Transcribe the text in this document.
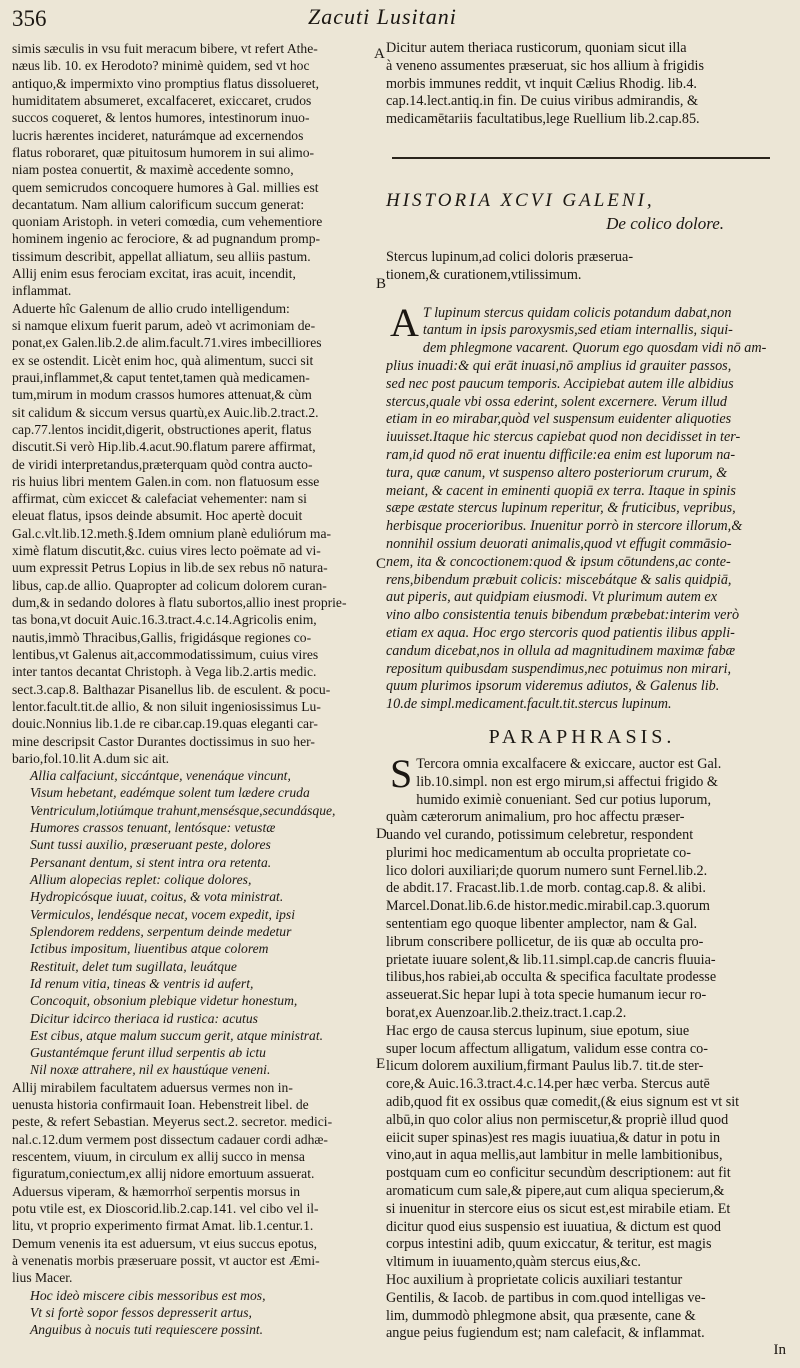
356	Zacuti Lusitani
A
B
C
D
E
simis sæculis in vsu fuit meracum bibere, vt refert Athe-
næus lib. 10. ex Herodoto? minimè quidem, sed vt hoc
antiquo,& impermixto vino promptius flatus dissolueret,
humiditatem absumeret, excalfaceret, exiccaret, crudos
succos coqueret, & lentos humores, intestinorum inuo-
lucris hærentes incideret, naturámque ad excernendos
flatus roboraret, quæ pituitosum humorem in sui alimo-
niam postea conuertit, & maximè accedente somno,
quem semicrudos concoquere humores à Gal. millies est
decantatum. Nam allium calorificum succum generat:
quoniam Aristoph. in veteri comœdia, cum vehementiore
hominem ingenio ac ferociore, & ad pugnandum promp-
tissimum describit, appellat alliatum, seu alliis pastum.
Allij enim esus ferociam excitat, iras acuit, incendit,
inflammat.
Aduerte hîc Galenum de allio crudo intelligendum:
si namque elixum fuerit parum, adeò vt acrimoniam de-
ponat,ex Galen.lib.2.de alim.facult.71.vires imbecilliores
ex se ostendit. Licèt enim hoc, quà alimentum, succi sit
praui,inflammet,& caput tentet,tamen quà medicamen-
tum,mirum in modum crassos humores attenuat,& cùm
sit calidum & siccum versus quartù,ex Auic.lib.2.tract.2.
cap.77.lentos incidit,digerit, obstructiones aperit, flatus
discutit.Si verò Hip.lib.4.acut.90.flatum parere affirmat,
de viridi interpretandus,præterquam quòd contra aucto-
ris huius libri mentem Galen.in com. non flatuosum esse
affirmat, cùm exiccet & calefaciat vehementer: nam si
eleuat flatus, ipsos deinde absumit. Hoc apertè docuit
Gal.c.vlt.lib.12.meth.§.Idem omnium planè eduliórum ma-
ximè flatum discutit,&c. cuius vires lecto poëmate ad vi-
uum expressit Petrus Lopius in lib.de sex rebus nō natura-
libus, cap.de allio. Quapropter ad colicum dolorem curan-
dum,& in sedando dolores à flatu subortos,allio inest proprie-
tas bona,vt docuit Auic.16.3.tract.4.c.14.Agricolis enim,
nautis,immò Thracibus,Gallis, frigidásque regiones co-
lentibus,vt Galenus ait,accommodatissimum, cuius vires
inter tantos decantat Christoph. à Vega lib.2.artis medic.
sect.3.cap.8. Balthazar Pisanellus lib. de esculent. & pocu-
lentor.facult.tit.de allio, & non siluit ingeniosissimus Lu-
douic.Nonnius lib.1.de re cibar.cap.19.quas eleganti car-
mine descripsit Castor Durantes doctissimus in suo her-
bario,fol.10.lit A.dum sic ait.
Allia calfaciunt, siccántque, venenáque vincunt,
Visum hebetant, eadémque solent tum lædere cruda
Ventriculum,lotiúmque trahunt,mensésque,secundásque,
Humores crassos tenuant, lentósque: vetustæ
Sunt tussi auxilio, præseruant peste, dolores
Persanant dentum, si stent intra ora retenta.
Allium alopecias replet: colique dolores,
Hydropicósque iuuat, coitus, & vota ministrat.
Vermiculos, lendésque necat, vocem expedit, ipsi
Splendorem reddens, serpentum deinde medetur
Ictibus impositum, liuentibus atque colorem
Restituit, delet tum sugillata, leuátque
Id renum vitia, tineas & ventris id aufert,
Concoquit, obsonium plebique videtur honestum,
Dicitur idcirco theriaca id rustica: acutus
Est cibus, atque malum succum gerit, atque ministrat.
Gustantémque ferunt illud serpentis ab ictu
Nil noxæ attrahere, nil ex haustúque veneni.
Allij mirabilem facultatem aduersus vermes non in-
uenusta historia confirmauit Ioan. Hebenstreit libel. de
peste, & refert Sebastian. Meyerus sect.2. secretor. medici-
nal.c.12.dum vermem post dissectum cadauer cordi adhæ-
rescentem, viuum, in circulum ex allij succo in mensa
figuratum,coniectum,ex allij nidore emortuum assuerat.
Aduersus viperam, & hæmorrhoï serpentis morsus in
potu vtile est, ex Dioscorid.lib.2.cap.141. vel cibo vel il-
litu, vt proprio experimento firmat Amat. lib.1.centur.1.
Demum venenis ita est aduersum, vt eius succus epotus,
à venenatis morbis præseruare possit, vt auctor est Æmi-
lius Macer.
Hoc ideò miscere cibis messoribus est mos,
Vt si fortè sopor fessos depresserit artus,
Anguibus à nocuis tuti requiescere possint.
Dicitur autem theriaca rusticorum, quoniam sicut illa
à veneno assumentes præseruat, sic hos allium à frigidis
morbis immunes reddit, vt inquit Cælius Rhodig. lib.4.
cap.14.lect.antiq.in fin. De cuius viribus admirandis, &
medicamētariis facultatibus,lege Ruellium lib.2.cap.85.
HISTORIA XCVI GALENI,
De colico dolore.
Stercus lupinum,ad colici doloris præserua-
tionem,& curationem,vtilissimum.
A T lupinum stercus quidam colicis potandum dabat,non
tantum in ipsis paroxysmis,sed etiam internallis, siqui-
dem phlegmone vacarent. Quorum ego quosdam vidi nō am-
plius inuadi:& qui erāt inuasi,nō amplius id grauiter passos,
sed nec post paucum temporis. Accipiebat autem ille albidius
stercus,quale vbi ossa ederint, solent excernere. Verum illud
etiam in eo mirabar,quòd vel suspensum euidenter aliquoties
iuuisset.Itaque hic stercus capiebat quod non decidisset in ter-
ram,id quod nō erat inuentu difficile:ea enim est luporum na-
tura, quæ canum, vt suspenso altero posteriorum crurum, &
meiant, & cacent in eminenti quopiā ex terra. Itaque in spinis
sæpe æstate stercus lupinum reperitur, & fruticibus, vepribus,
herbisque procerioribus. Inuenitur porrò in stercore illorum,&
nonnihil ossium deuorati animalis,quod vt effugit commāsio-
nem, ita & concoctionem:quod & ipsum cōtundens,ac conte-
rens,bibendum præbuit colicis: miscebátque & salis quidpiā,
aut piperis, aut quidpiam eiusmodi. Vt plurimum autem ex
vino albo consistentia tenuis bibendum præbebat:interim verò
etiam ex aqua. Hoc ergo stercoris quod patientis ilibus appli-
candum dicebat,nos in ollula ad magnitudinem maximæ fabæ
repositum quibusdam suspendimus,nec potuimus non mirari,
quum plurimos ipsorum videremus adiutos, & Galenus lib.
10.de simpl.medicament.facult.tit.stercus lupinum.
PARAPHRASIS.
S Tercora omnia excalfacere & exiccare, auctor est Gal.
lib.10.simpl. non est ergo mirum,si affectui frigido &
humido eximiè conueniant. Sed cur potius luporum,
quàm cæterorum animalium, pro hoc affectu præser-
uando vel curando, potissimum celebretur, respondent
plurimi hoc medicamentum ab occulta proprietate co-
lico dolori auxiliari;de quorum numero sunt Fernel.lib.2.
de abdit.17. Fracast.lib.1.de morb. contag.cap.8. & alibi.
Marcel.Donat.lib.6.de histor.medic.mirabil.cap.3.quorum
sententiam ego quoque libenter amplector, nam & Gal.
librum conscribere pollicetur, de iis quæ ab occulta pro-
prietate iuuare solent,& lib.11.simpl.cap.de cancris fluuia-
tilibus,hos rabiei,ab occulta & specifica facultate prodesse
asseuerat.Sic hepar lupi à tota specie humanum iecur ro-
borat,ex Auenzoar.lib.2.theiz.tract.1.cap.2.
Hac ergo de causa stercus lupinum, siue epotum, siue
super locum affectum alligatum, validum esse contra co-
licum dolorem auxilium,firmant Paulus lib.7. tit.de ster-
core,& Auic.16.3.tract.4.c.14.per hæc verba. Stercus autē
adib,quod fit ex ossibus quæ comedit,(& eius signum est vt sit
albū,in quo color alius non permiscetur,& propriè illud quod
eiicit super spinas)est res magis iuuatiua,& datur in potu in
vino,aut in aqua mellis,aut lambitur in melle lambitionibus,
postquam cum eo conficitur secundùm descriptionem: aut fit
aromaticum cum sale,& pipere,aut cum aliqua specierum,&
si inuenitur in stercore eius os sicut est,est mirabile etiam. Et
dicitur quod eius suspensio est iuuatiua, & dictum est quod
corpus intestini adib, quum exiccatur, & teritur, est magis
vltimum in iuuamento,quàm stercus eius,&c.
Hoc auxilium à proprietate colicis auxiliari testantur
Gentilis, & Iacob. de partibus in com.quod intelligas ve-
lim, dummodò phlegmone absit, qua præsente, cane &
angue peius fugiendum est; nam calefacit, & inflammat.
In
